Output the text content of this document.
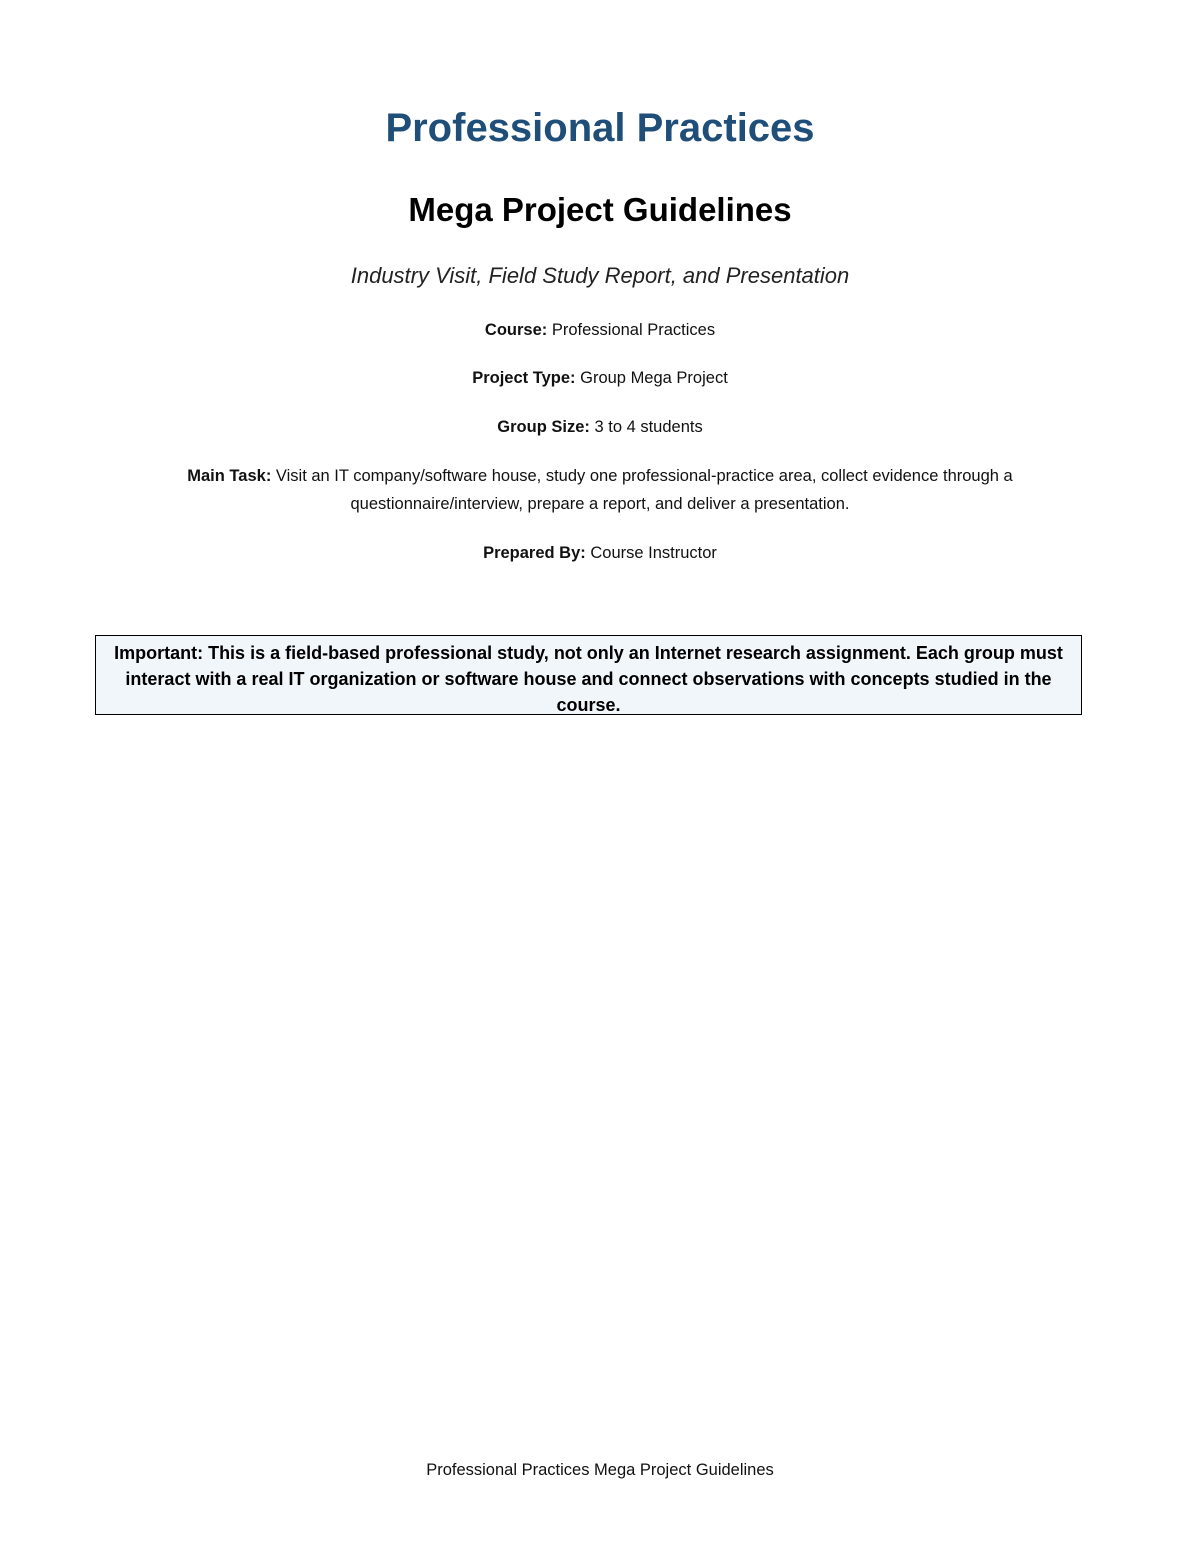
Professional Practices
Mega Project Guidelines
Industry Visit, Field Study Report, and Presentation
Course: Professional Practices
Project Type: Group Mega Project
Group Size: 3 to 4 students
Main Task: Visit an IT company/software house, study one professional-practice area, collect evidence through a questionnaire/interview, prepare a report, and deliver a presentation.
Prepared By: Course Instructor
Important: This is a field-based professional study, not only an Internet research assignment. Each group must interact with a real IT organization or software house and connect observations with concepts studied in the course.
Professional Practices Mega Project Guidelines
